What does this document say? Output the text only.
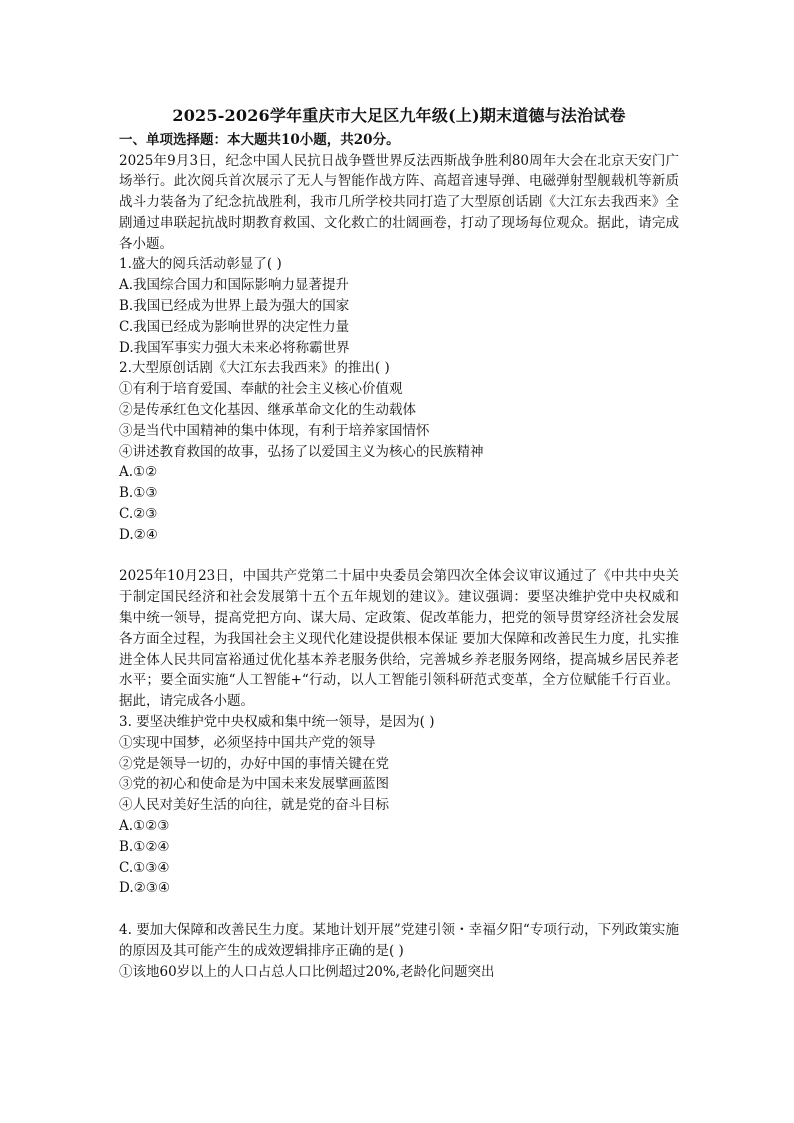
2025-2026学年重庆市大足区九年级(上)期末道德与法治试卷
一、单项选择题：本大题共10小题，共20分。
2025年9月3日，纪念中国人民抗日战争暨世界反法西斯战争胜利80周年大会在北京天安门广场举行。此次阅兵首次展示了无人与智能作战方阵、高超音速导弹、电磁弹射型舰载机等新质战斗力装备为了纪念抗战胜利，我市几所学校共同打造了大型原创话剧《大江东去我西来》全剧通过串联起抗战时期教育救国、文化救亡的壮阔画卷，打动了现场每位观众。据此，请完成各小题。
1.盛大的阅兵活动彰显了( )
A.我国综合国力和国际影响力显著提升
B.我国已经成为世界上最为强大的国家
C.我国已经成为影响世界的决定性力量
D.我国军事实力强大未来必将称霸世界
2.大型原创话剧《大江东去我西来》的推出( )
①有利于培育爱国、奉献的社会主义核心价值观
②是传承红色文化基因、继承革命文化的生动载体
③是当代中国精神的集中体现，有利于培养家国情怀
④讲述教育救国的故事，弘扬了以爱国主义为核心的民族精神
A.①②
B.①③
C.②③
D.②④
2025年10月23日，中国共产党第二十届中央委员会第四次全体会议审议通过了《中共中央关于制定国民经济和社会发展第十五个五年规划的建议》。建议强调：要坚决维护党中央权威和集中统一领导，提高党把方向、谋大局、定政策、促改革能力，把党的领导贯穿经济社会发展各方面全过程，为我国社会主义现代化建设提供根本保证 要加大保障和改善民生力度，扎实推进全体人民共同富裕通过优化基本养老服务供给，完善城乡养老服务网络，提高城乡居民养老水平；要全面实施“人工智能+“行动，以人工智能引领科研范式变革，全方位赋能千行百业。据此，请完成各小题。
3. 要坚决维护党中央权威和集中统一领导，是因为( )
①实现中国梦，必须坚持中国共产党的领导
②党是领导一切的，办好中国的事情关键在党
③党的初心和使命是为中国未来发展擘画蓝图
④人民对美好生活的向往，就是党的奋斗目标
A.①②③
B.①②④
C.①③④
D.②③④
4. 要加大保障和改善民生力度。某地计划开展”党建引领・幸福夕阳“专项行动，下列政策实施的原因及其可能产生的成效逻辑排序正确的是( )
①该地60岁以上的人口占总人口比例超过20%,老龄化问题突出
